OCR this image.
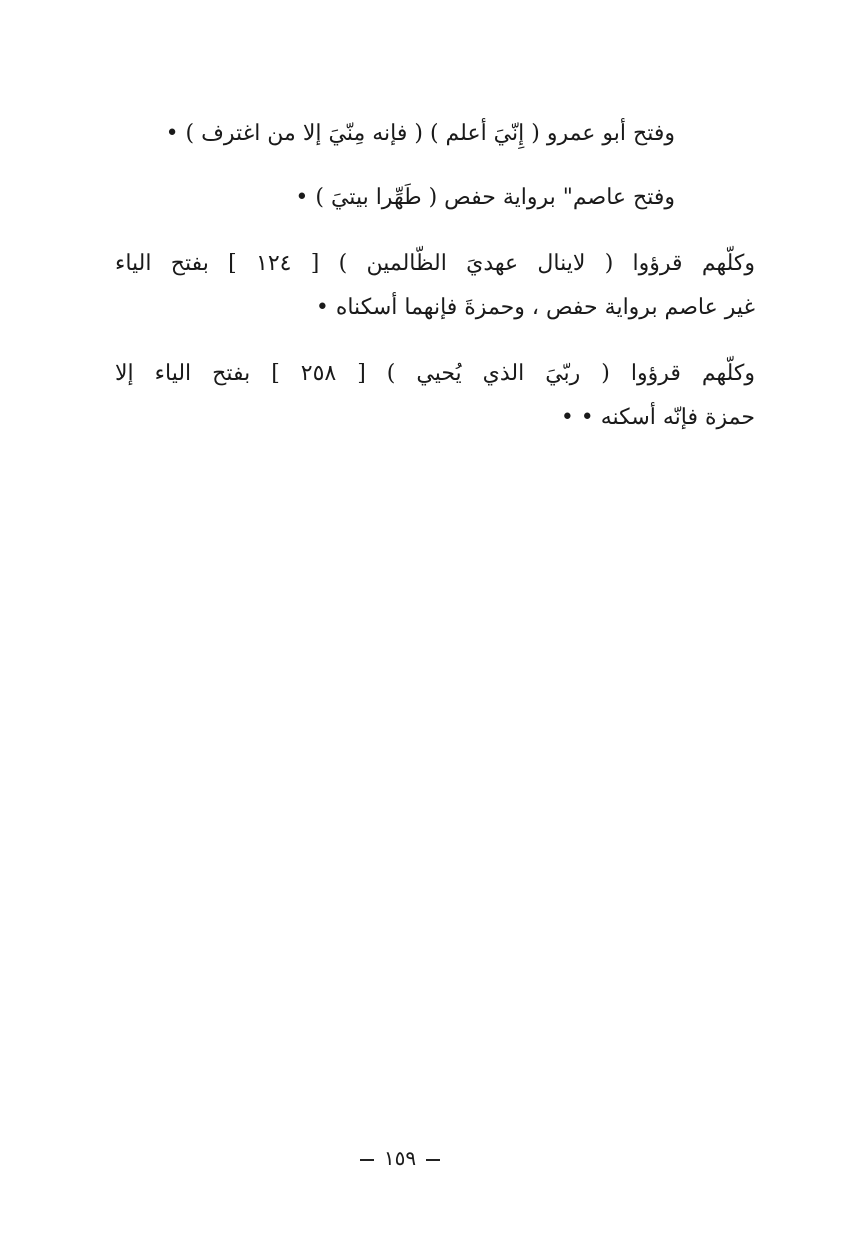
وفتح أبو عمرو ( إِنّيَ أعلم ) ( فإنه مِنّيَ إلا من اغترف ) •
وفتح عاصم" برواية حفص ( طَهِّرا بيتيَ ) •
وكلّهم قرؤوا ( لاينال عهديَ الظّالمين ) [ ١٢٤ ] بفتح الياء
غير عاصم برواية حفص ، وحمزةَ فإنهما أسكناه •
وكلّهم قرؤوا ( ربّيَ الذي يُحيي ) [ ٢٥٨ ] بفتح الياء إلا
حمزة فإنّه أسكنه • •
١٥٩
